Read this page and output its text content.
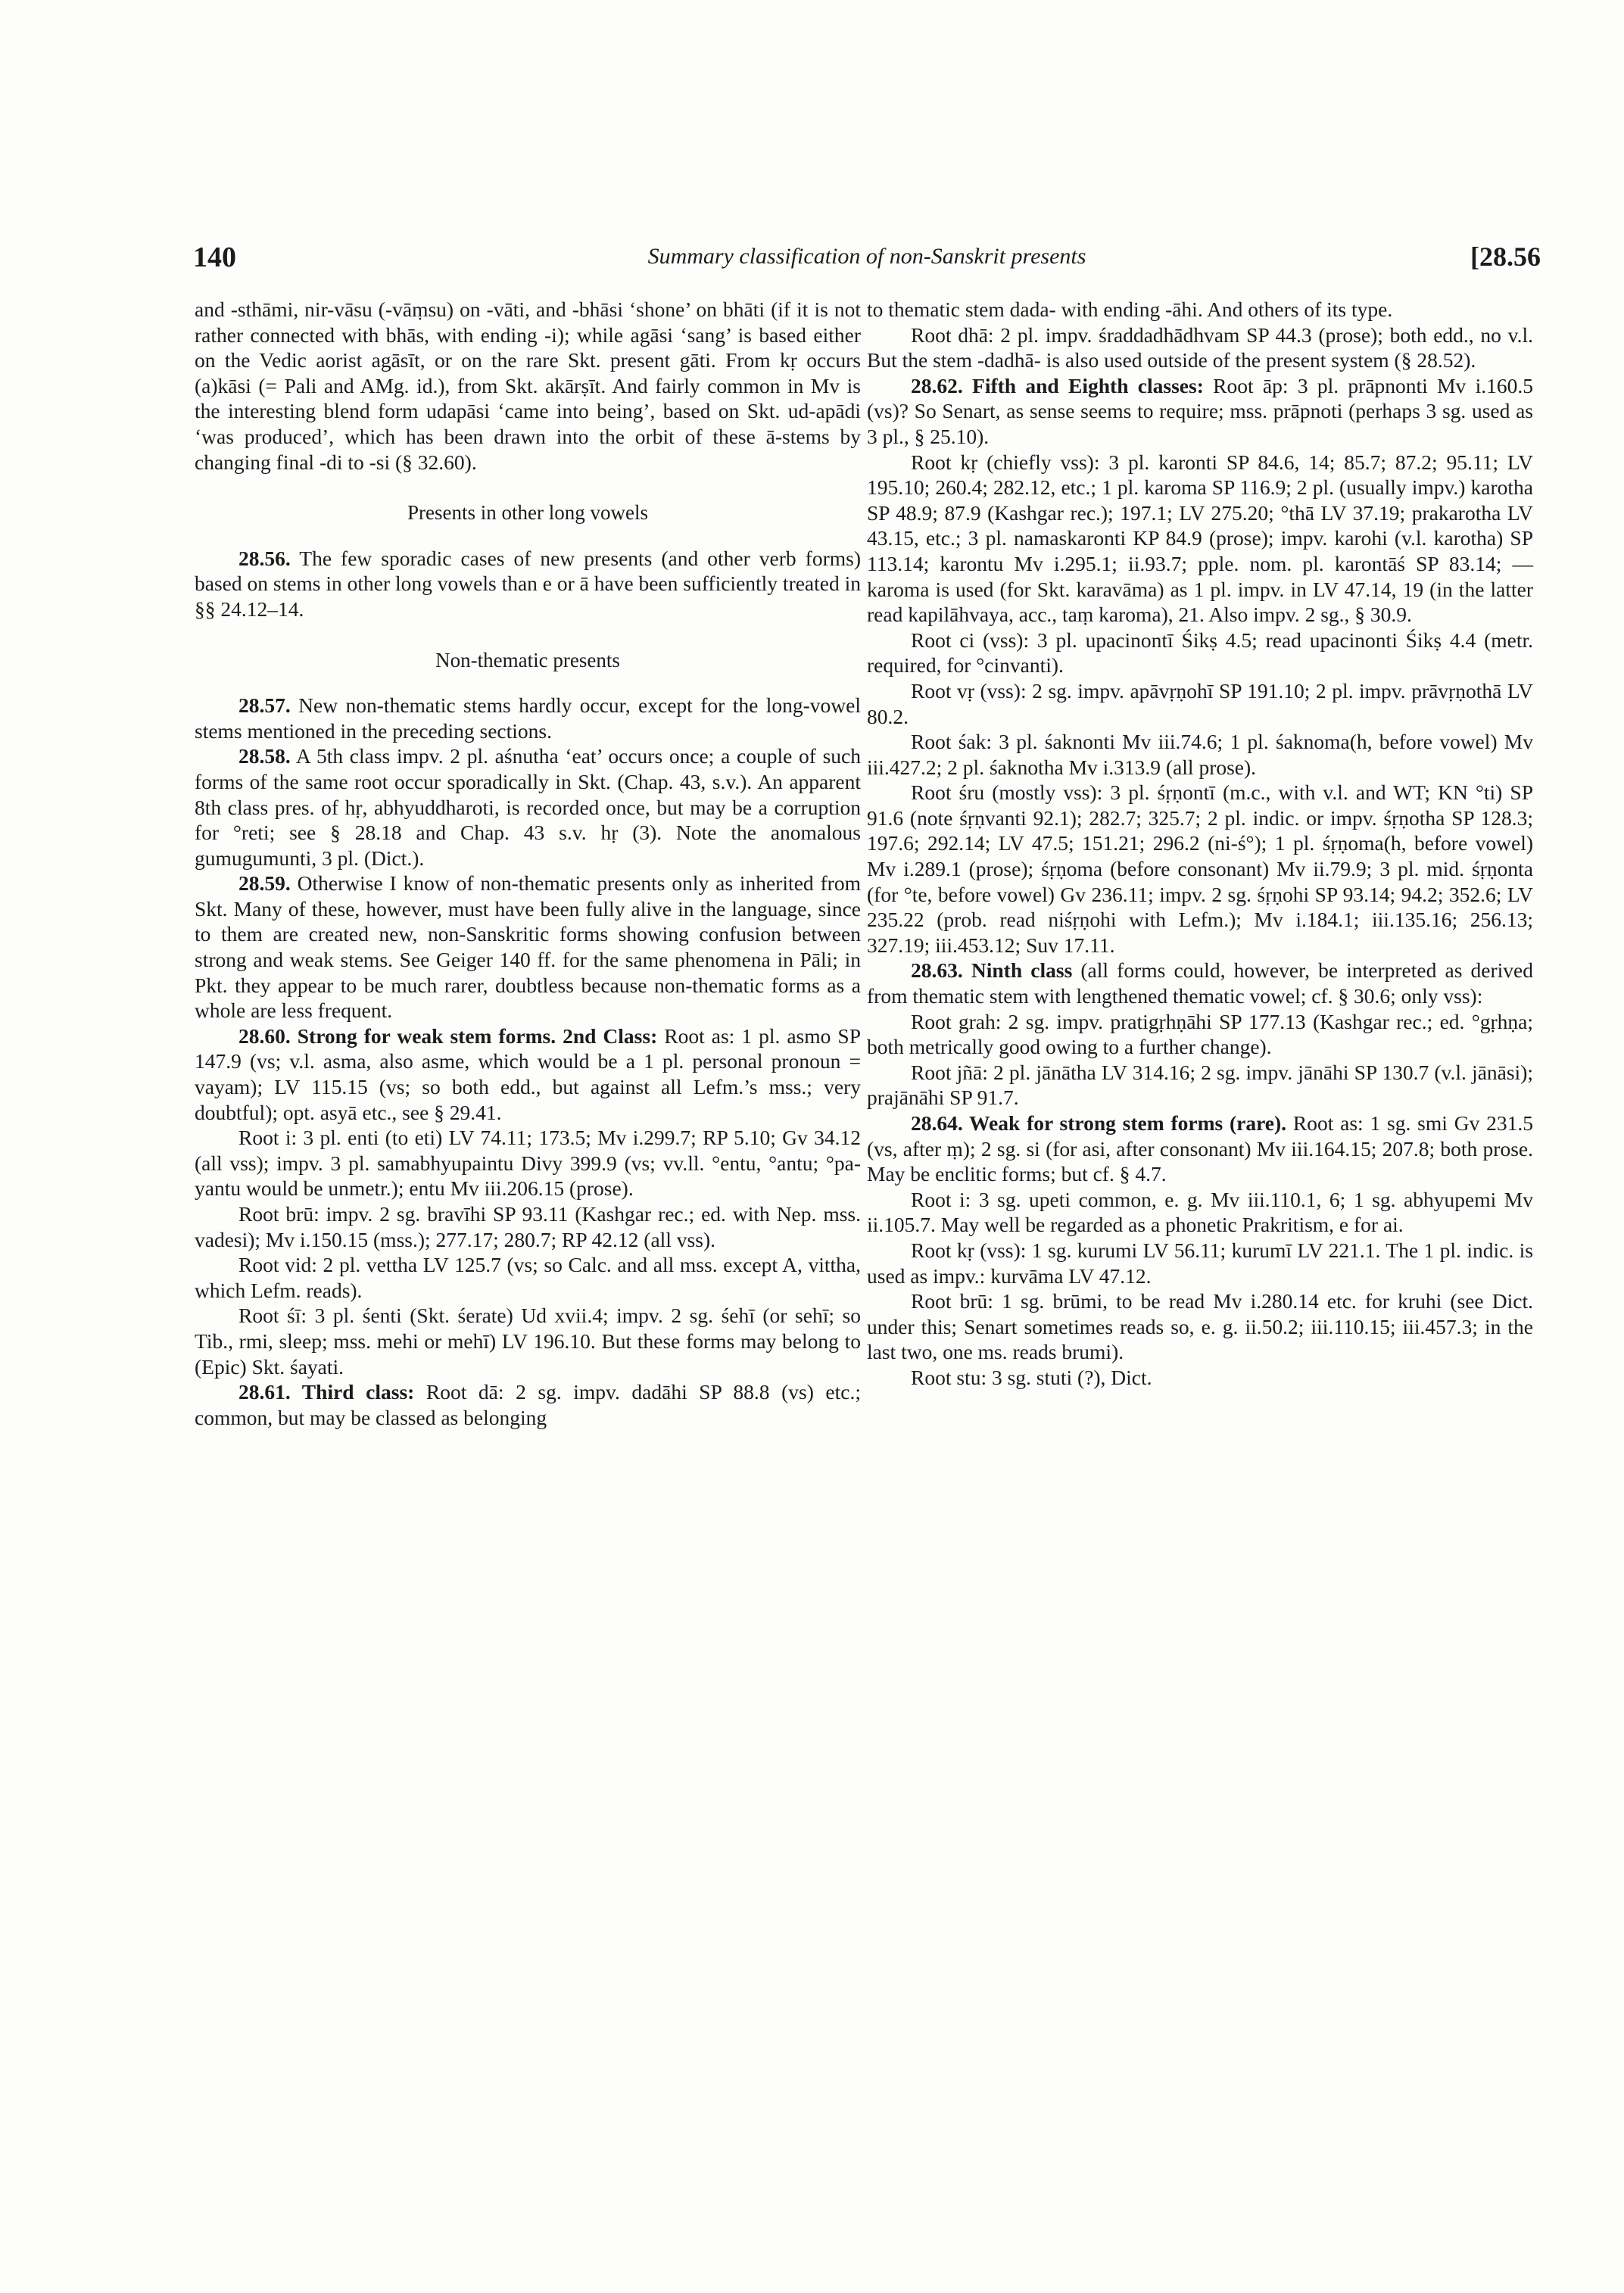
140	Summary classification of non-Sanskrit presents	[28.56

and -sthāmi, nir-vāsu (-vāṃsu) on -vāti, and -bhāsi ‘shone’ on bhāti (if it is not rather connected with bhās, with ending -i); while agāsi ‘sang’ is based either on the Vedic aorist agāsīt, or on the rare Skt. present gāti. From kṛ occurs (a)kāsi (= Pali and AMg. id.), from Skt. akārṣīt. And fairly common in Mv is the interesting blend form udapāsi ‘came into being’, based on Skt. ud-apādi ‘was produced’, which has been drawn into the orbit of these ā-stems by changing final -di to -si (§ 32.60).

Presents in other long vowels

28.56. The few sporadic cases of new presents (and other verb forms) based on stems in other long vowels than e or ā have been sufficiently treated in §§ 24.12–14.

Non-thematic presents

28.57. New non-thematic stems hardly occur, except for the long-vowel stems mentioned in the preceding sections.

28.58. A 5th class impv. 2 pl. aśnutha ‘eat’ occurs once; a couple of such forms of the same root occur sporadically in Skt. (Chap. 43, s.v.). An apparent 8th class pres. of hṛ, abhyuddharoti, is recorded once, but may be a corruption for °reti; see § 28.18 and Chap. 43 s.v. hṛ (3). Note the anomalous gumugumunti, 3 pl. (Dict.).

28.59. Otherwise I know of non-thematic presents only as inherited from Skt. Many of these, however, must have been fully alive in the language, since to them are created new, non-Sanskritic forms showing confusion between strong and weak stems. See Geiger 140 ff. for the same phenomena in Pāli; in Pkt. they appear to be much rarer, doubtless because non-thematic forms as a whole are less frequent.

28.60. Strong for weak stem forms. 2nd Class: Root as: 1 pl. asmo SP 147.9 (vs; v.l. asma, also asme, which would be a 1 pl. personal pronoun = vayam); LV 115.15 (vs; so both edd., but against all Lefm.’s mss.; very doubtful); opt. asyā etc., see § 29.41.

Root i: 3 pl. enti (to eti) LV 74.11; 173.5; Mv i.299.7; RP 5.10; Gv 34.12 (all vss); impv. 3 pl. samabhyupaintu Divy 399.9 (vs; vv.ll. °entu, °antu; °pa-yantu would be unmetr.); entu Mv iii.206.15 (prose).

Root brū: impv. 2 sg. bravīhi SP 93.11 (Kashgar rec.; ed. with Nep. mss. vadesi); Mv i.150.15 (mss.); 277.17; 280.7; RP 42.12 (all vss).

Root vid: 2 pl. vettha LV 125.7 (vs; so Calc. and all mss. except A, vittha, which Lefm. reads).

Root śī: 3 pl. śenti (Skt. śerate) Ud xvii.4; impv. 2 sg. śehī (or sehī; so Tib., rmi, sleep; mss. mehi or mehī) LV 196.10. But these forms may belong to (Epic) Skt. śayati.

28.61. Third class: Root dā: 2 sg. impv. dadāhi SP 88.8 (vs) etc.; common, but may be classed as belonging

to thematic stem dada- with ending -āhi. And others of its type.

Root dhā: 2 pl. impv. śraddadhādhvam SP 44.3 (prose); both edd., no v.l. But the stem -dadhā- is also used outside of the present system (§ 28.52).

28.62. Fifth and Eighth classes: Root āp: 3 pl. prāpnonti Mv i.160.5 (vs)? So Senart, as sense seems to require; mss. prāpnoti (perhaps 3 sg. used as 3 pl., § 25.10).

Root kṛ (chiefly vss): 3 pl. karonti SP 84.6, 14; 85.7; 87.2; 95.11; LV 195.10; 260.4; 282.12, etc.; 1 pl. karoma SP 116.9; 2 pl. (usually impv.) karotha SP 48.9; 87.9 (Kashgar rec.); 197.1; LV 275.20; °thā LV 37.19; prakarotha LV 43.15, etc.; 3 pl. namaskaronti KP 84.9 (prose); impv. karohi (v.l. karotha) SP 113.14; karontu Mv i.295.1; ii.93.7; pple. nom. pl. karontāś SP 83.14; — karoma is used (for Skt. karavāma) as 1 pl. impv. in LV 47.14, 19 (in the latter read kapilāhvaya, acc., taṃ karoma), 21. Also impv. 2 sg., § 30.9.

Root ci (vss): 3 pl. upacinontī Śikṣ 4.5; read upacinonti Śikṣ 4.4 (metr. required, for °cinvanti).

Root vṛ (vss): 2 sg. impv. apāvṛṇohī SP 191.10; 2 pl. impv. prāvṛṇothā LV 80.2.

Root śak: 3 pl. śaknonti Mv iii.74.6; 1 pl. śaknoma(h, before vowel) Mv iii.427.2; 2 pl. śaknotha Mv i.313.9 (all prose).

Root śru (mostly vss): 3 pl. śṛṇontī (m.c., with v.l. and WT; KN °ti) SP 91.6 (note śṛṇvanti 92.1); 282.7; 325.7; 2 pl. indic. or impv. śṛṇotha SP 128.3; 197.6; 292.14; LV 47.5; 151.21; 296.2 (ni-ś°); 1 pl. śṛṇoma(h, before vowel) Mv i.289.1 (prose); śṛṇoma (before consonant) Mv ii.79.9; 3 pl. mid. śṛṇonta (for °te, before vowel) Gv 236.11; impv. 2 sg. śṛṇohi SP 93.14; 94.2; 352.6; LV 235.22 (prob. read niśṛṇohi with Lefm.); Mv i.184.1; iii.135.16; 256.13; 327.19; iii.453.12; Suv 17.11.

28.63. Ninth class (all forms could, however, be interpreted as derived from thematic stem with lengthened thematic vowel; cf. § 30.6; only vss):

Root grah: 2 sg. impv. pratigṛhṇāhi SP 177.13 (Kashgar rec.; ed. °gṛhṇa; both metrically good owing to a further change).

Root jñā: 2 pl. jānātha LV 314.16; 2 sg. impv. jānāhi SP 130.7 (v.l. jānāsi); prajānāhi SP 91.7.

28.64. Weak for strong stem forms (rare). Root as: 1 sg. smi Gv 231.5 (vs, after ṃ); 2 sg. si (for asi, after consonant) Mv iii.164.15; 207.8; both prose. May be enclitic forms; but cf. § 4.7.

Root i: 3 sg. upeti common, e. g. Mv iii.110.1, 6; 1 sg. abhyupemi Mv ii.105.7. May well be regarded as a phonetic Prakritism, e for ai.

Root kṛ (vss): 1 sg. kurumi LV 56.11; kurumī LV 221.1. The 1 pl. indic. is used as impv.: kurvāma LV 47.12.

Root brū: 1 sg. brūmi, to be read Mv i.280.14 etc. for kruhi (see Dict. under this; Senart sometimes reads so, e. g. ii.50.2; iii.110.15; iii.457.3; in the last two, one ms. reads brumi).

Root stu: 3 sg. stuti (?), Dict.
